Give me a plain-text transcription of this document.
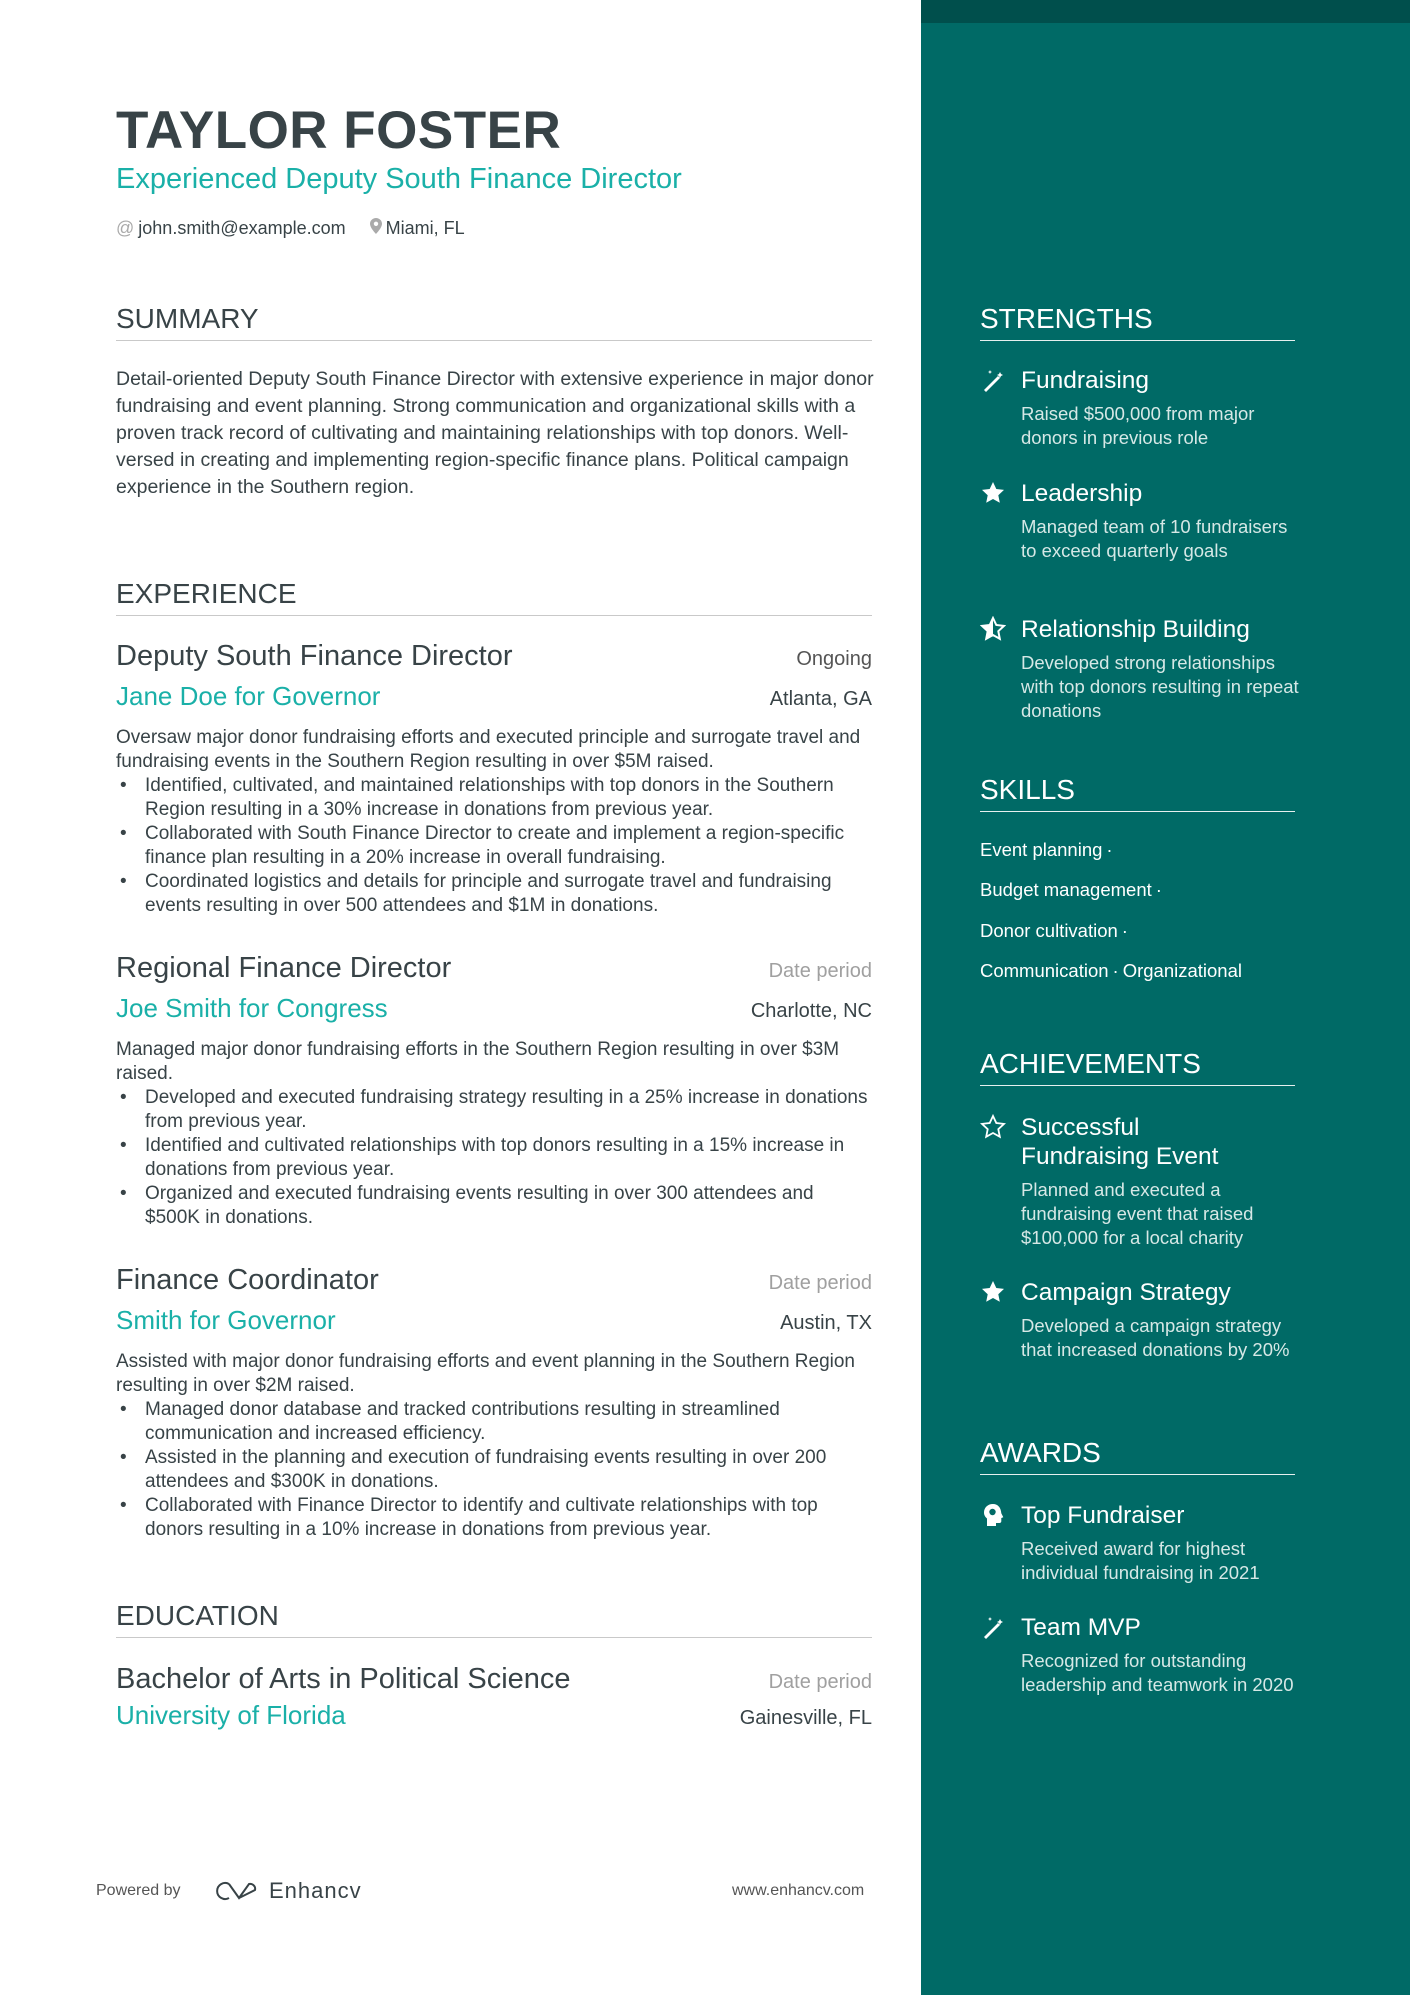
TAYLOR FOSTER
Experienced Deputy South Finance Director
@ john.smith@example.com	Miami, FL
SUMMARY
Detail-oriented Deputy South Finance Director with extensive experience in major donor fundraising and event planning. Strong communication and organizational skills with a proven track record of cultivating and maintaining relationships with top donors. Well-versed in creating and implementing region-specific finance plans. Political campaign experience in the Southern region.
EXPERIENCE
Deputy South Finance Director	Ongoing
Jane Doe for Governor	Atlanta, GA
Oversaw major donor fundraising efforts and executed principle and surrogate travel and fundraising events in the Southern Region resulting in over $5M raised.
• Identified, cultivated, and maintained relationships with top donors in the Southern Region resulting in a 30% increase in donations from previous year.
• Collaborated with South Finance Director to create and implement a region-specific finance plan resulting in a 20% increase in overall fundraising.
• Coordinated logistics and details for principle and surrogate travel and fundraising events resulting in over 500 attendees and $1M in donations.
Regional Finance Director	Date period
Joe Smith for Congress	Charlotte, NC
Managed major donor fundraising efforts in the Southern Region resulting in over $3M raised.
• Developed and executed fundraising strategy resulting in a 25% increase in donations from previous year.
• Identified and cultivated relationships with top donors resulting in a 15% increase in donations from previous year.
• Organized and executed fundraising events resulting in over 300 attendees and $500K in donations.
Finance Coordinator	Date period
Smith for Governor	Austin, TX
Assisted with major donor fundraising efforts and event planning in the Southern Region resulting in over $2M raised.
• Managed donor database and tracked contributions resulting in streamlined communication and increased efficiency.
• Assisted in the planning and execution of fundraising events resulting in over 200 attendees and $300K in donations.
• Collaborated with Finance Director to identify and cultivate relationships with top donors resulting in a 10% increase in donations from previous year.
EDUCATION
Bachelor of Arts in Political Science	Date period
University of Florida	Gainesville, FL
Powered by	Enhancv	www.enhancv.com
STRENGTHS
Fundraising
Raised $500,000 from major donors in previous role
Leadership
Managed team of 10 fundraisers to exceed quarterly goals
Relationship Building
Developed strong relationships with top donors resulting in repeat donations
SKILLS
Event planning ·
Budget management ·
Donor cultivation ·
Communication · Organizational
ACHIEVEMENTS
Successful Fundraising Event
Planned and executed a fundraising event that raised $100,000 for a local charity
Campaign Strategy
Developed a campaign strategy that increased donations by 20%
AWARDS
Top Fundraiser
Received award for highest individual fundraising in 2021
Team MVP
Recognized for outstanding leadership and teamwork in 2020
